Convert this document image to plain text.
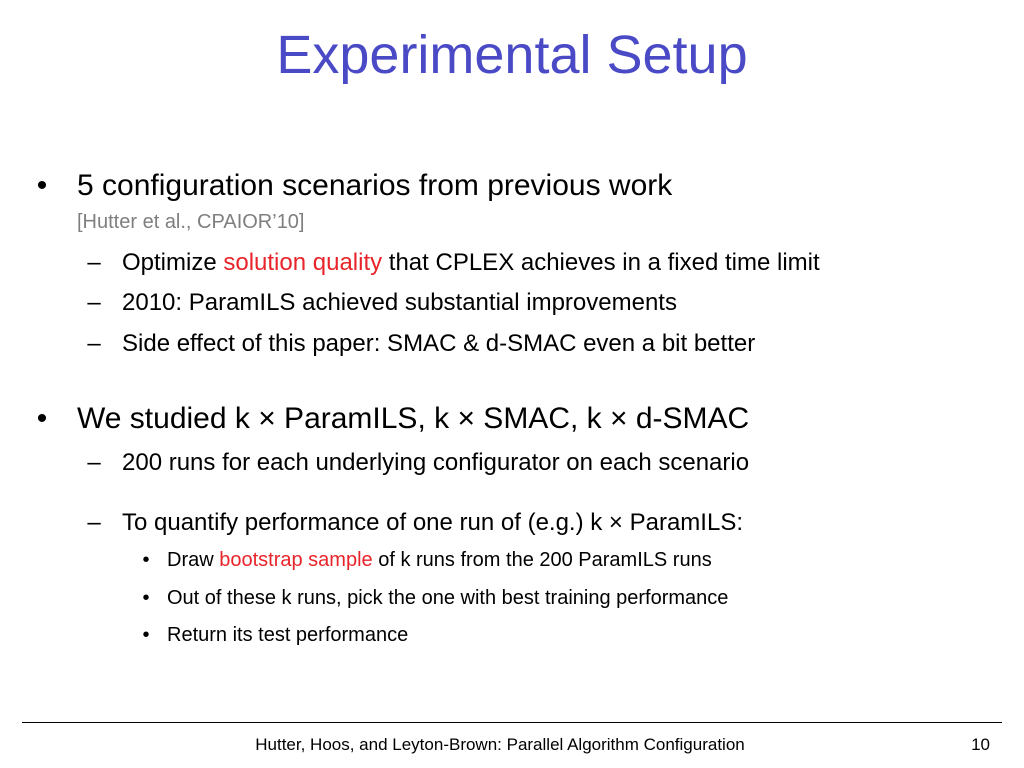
Experimental Setup
• 5 configuration scenarios from previous work
[Hutter et al., CPAIOR’10]
– Optimize solution quality that CPLEX achieves in a fixed time limit
– 2010: ParamILS achieved substantial improvements
– Side effect of this paper: SMAC & d-SMAC even a bit better
• We studied k × ParamILS, k × SMAC, k × d-SMAC
– 200 runs for each underlying configurator on each scenario
– To quantify performance of one run of (e.g.) k × ParamILS:
• Draw bootstrap sample of k runs from the 200 ParamILS runs
• Out of these k runs, pick the one with best training performance
• Return its test performance
Hutter, Hoos, and Leyton-Brown: Parallel Algorithm Configuration	10
